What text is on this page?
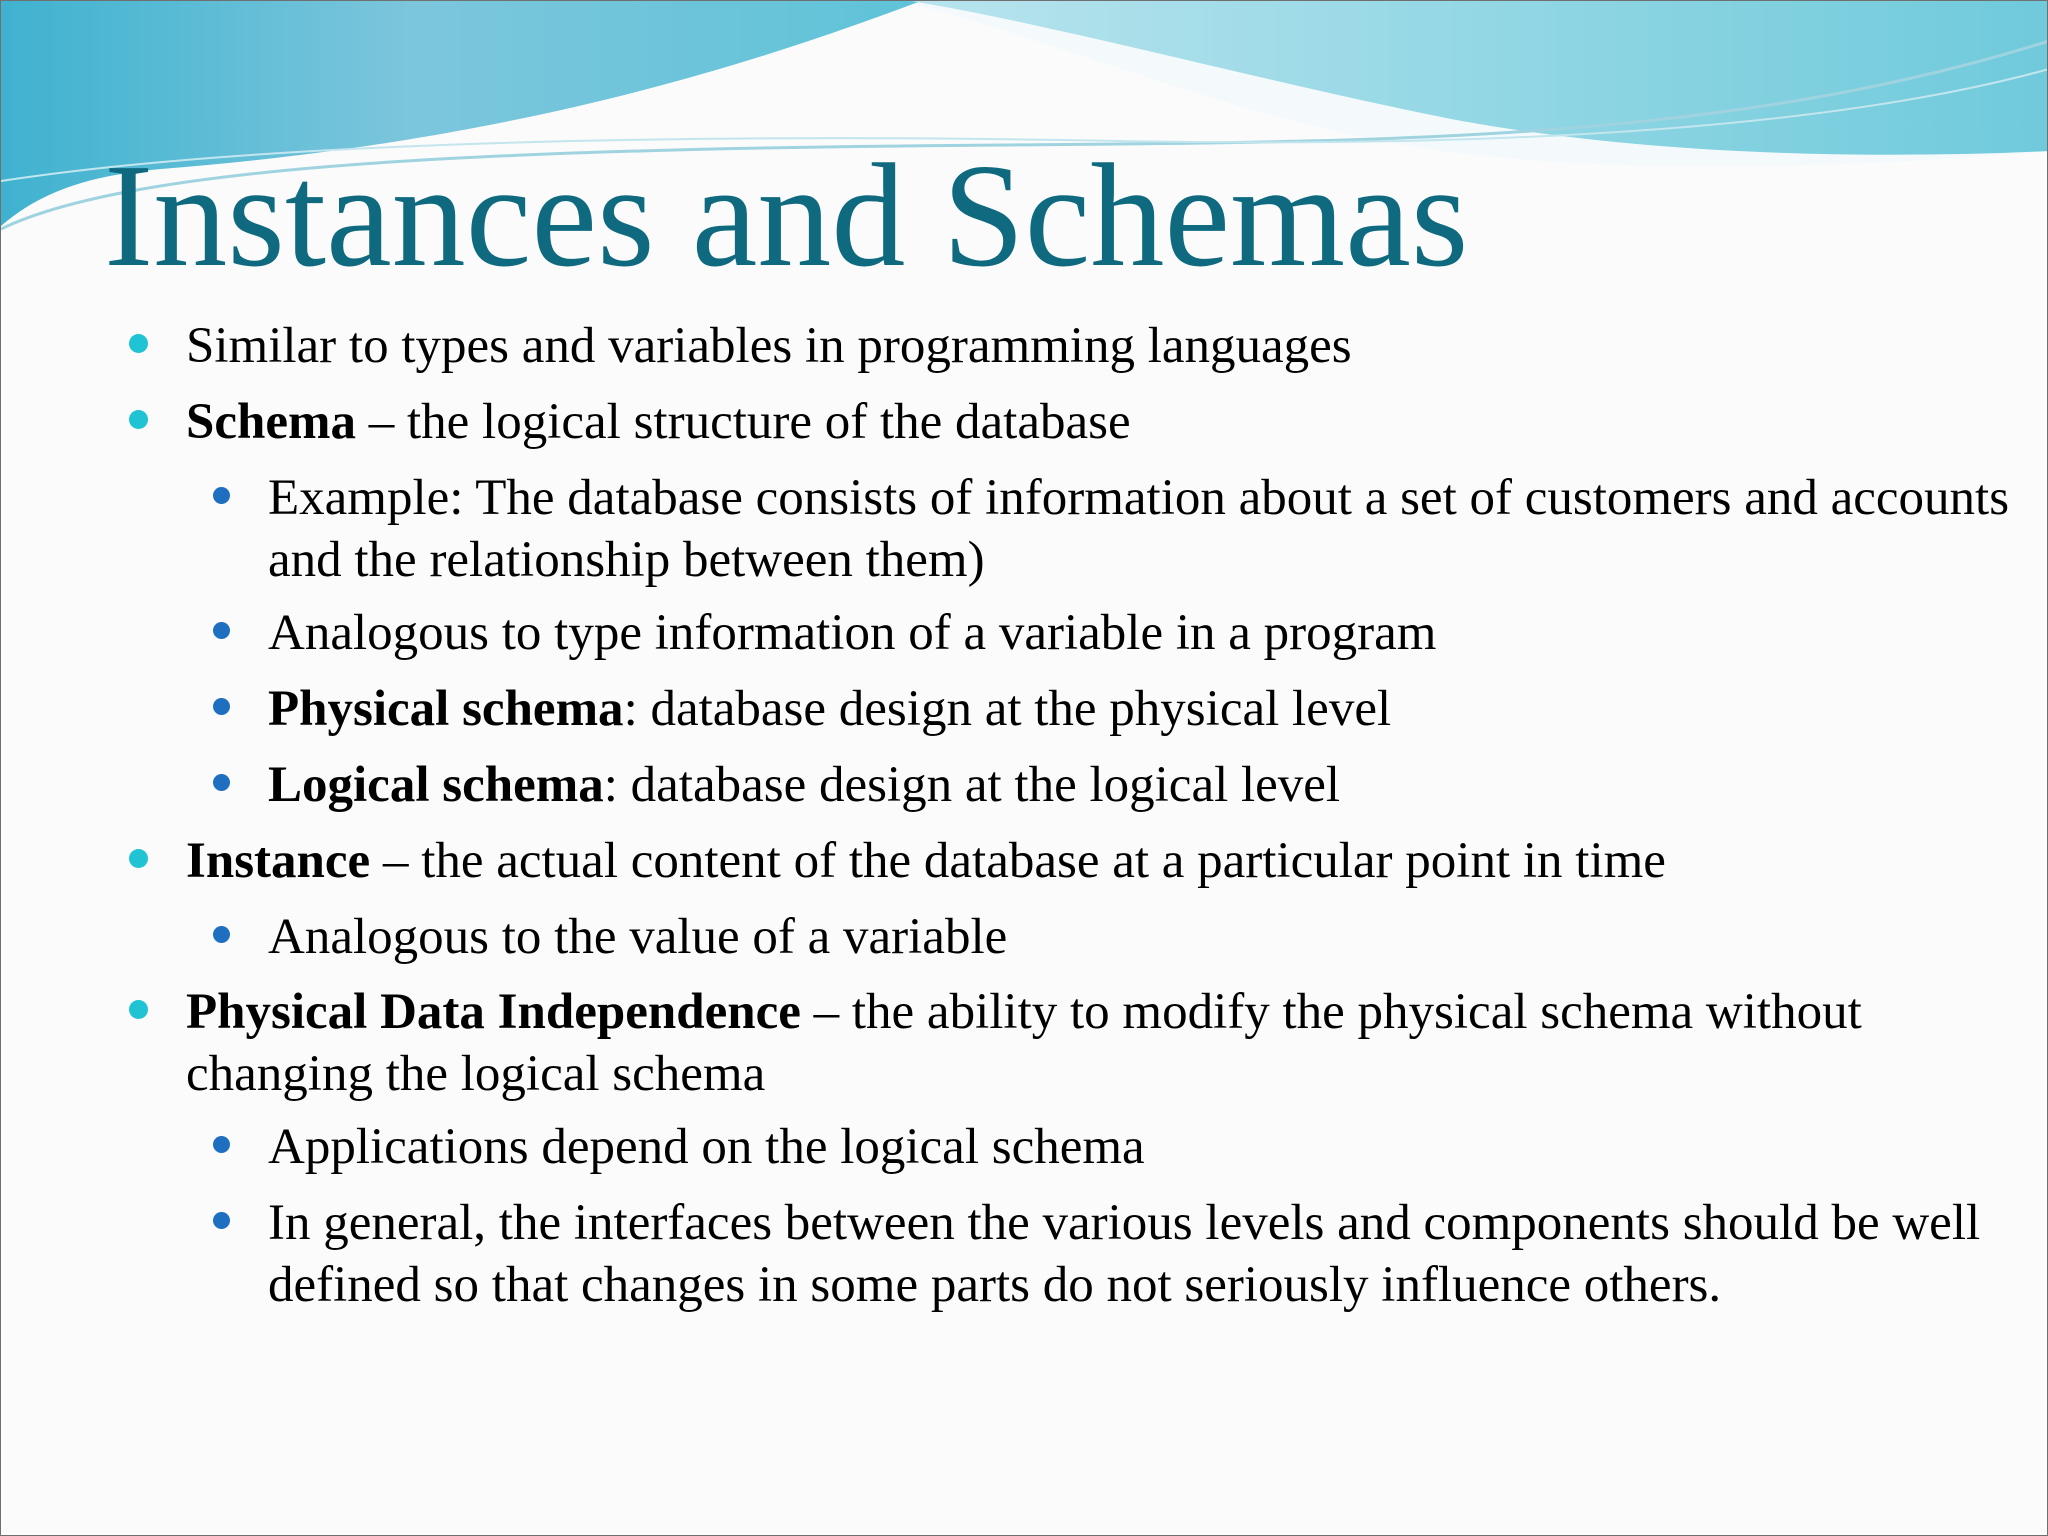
Instances and Schemas
Similar to types and variables in programming languages
Schema – the logical structure of the database
Example: The database consists of information about a set of customers and accounts and the relationship between them)
Analogous to type information of a variable in a program
Physical schema: database design at the physical level
Logical schema: database design at the logical level
Instance – the actual content of the database at a particular point in time
Analogous to the value of a variable
Physical Data Independence – the ability to modify the physical schema without changing the logical schema
Applications depend on the logical schema
In general, the interfaces between the various levels and components should be well defined so that changes in some parts do not seriously influence others.
